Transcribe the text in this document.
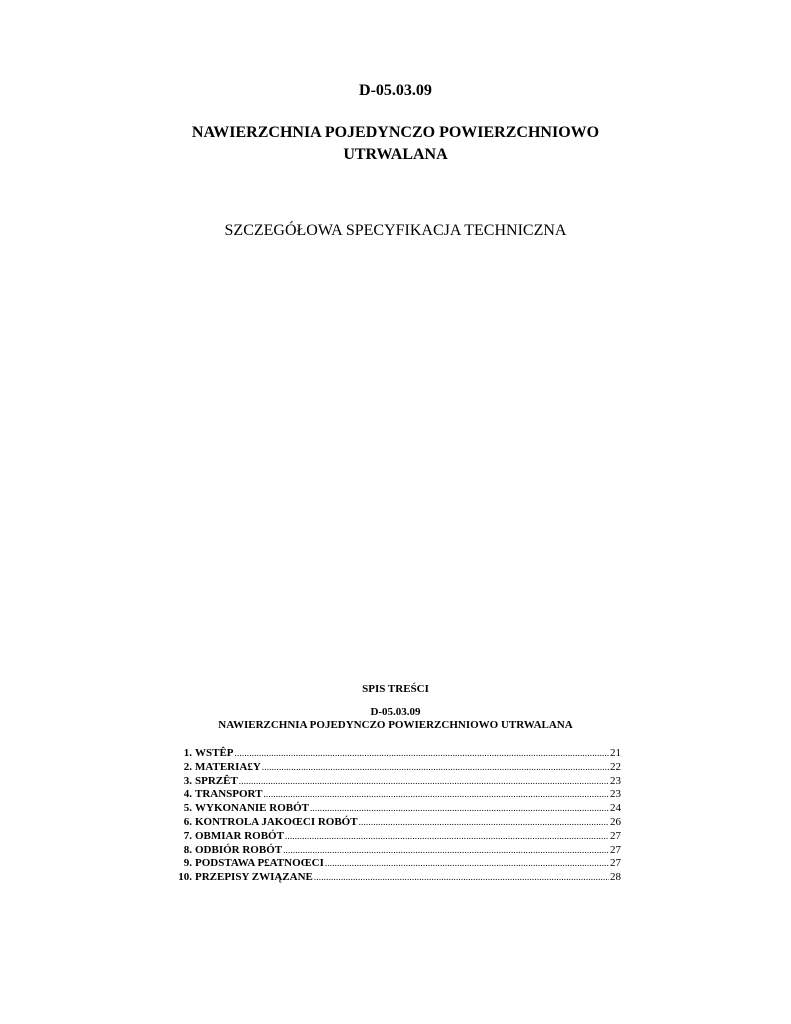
D-05.03.09
NAWIERZCHNIA POJEDYNCZO POWIERZCHNIOWO
UTRWALANA
SZCZEGÓŁOWA SPECYFIKACJA TECHNICZNA
SPIS TREŚCI
D-05.03.09
NAWIERZCHNIA POJEDYNCZO POWIERZCHNIOWO UTRWALANA
1. WSTÊP .....	21
2. MATERIA£Y .....	22
3. SPRZÊT .....	23
4. TRANSPORT .....	23
5. WYKONANIE ROBÓT .....	24
6. KONTROLA JAKOŒCI ROBÓT .....	26
7. OBMIAR ROBÓT .....	27
8. ODBIÓR ROBÓT .....	27
9. PODSTAWA P£ATNOŒCI .....	27
10. PRZEPISY ZWIĄZANE .....	28
